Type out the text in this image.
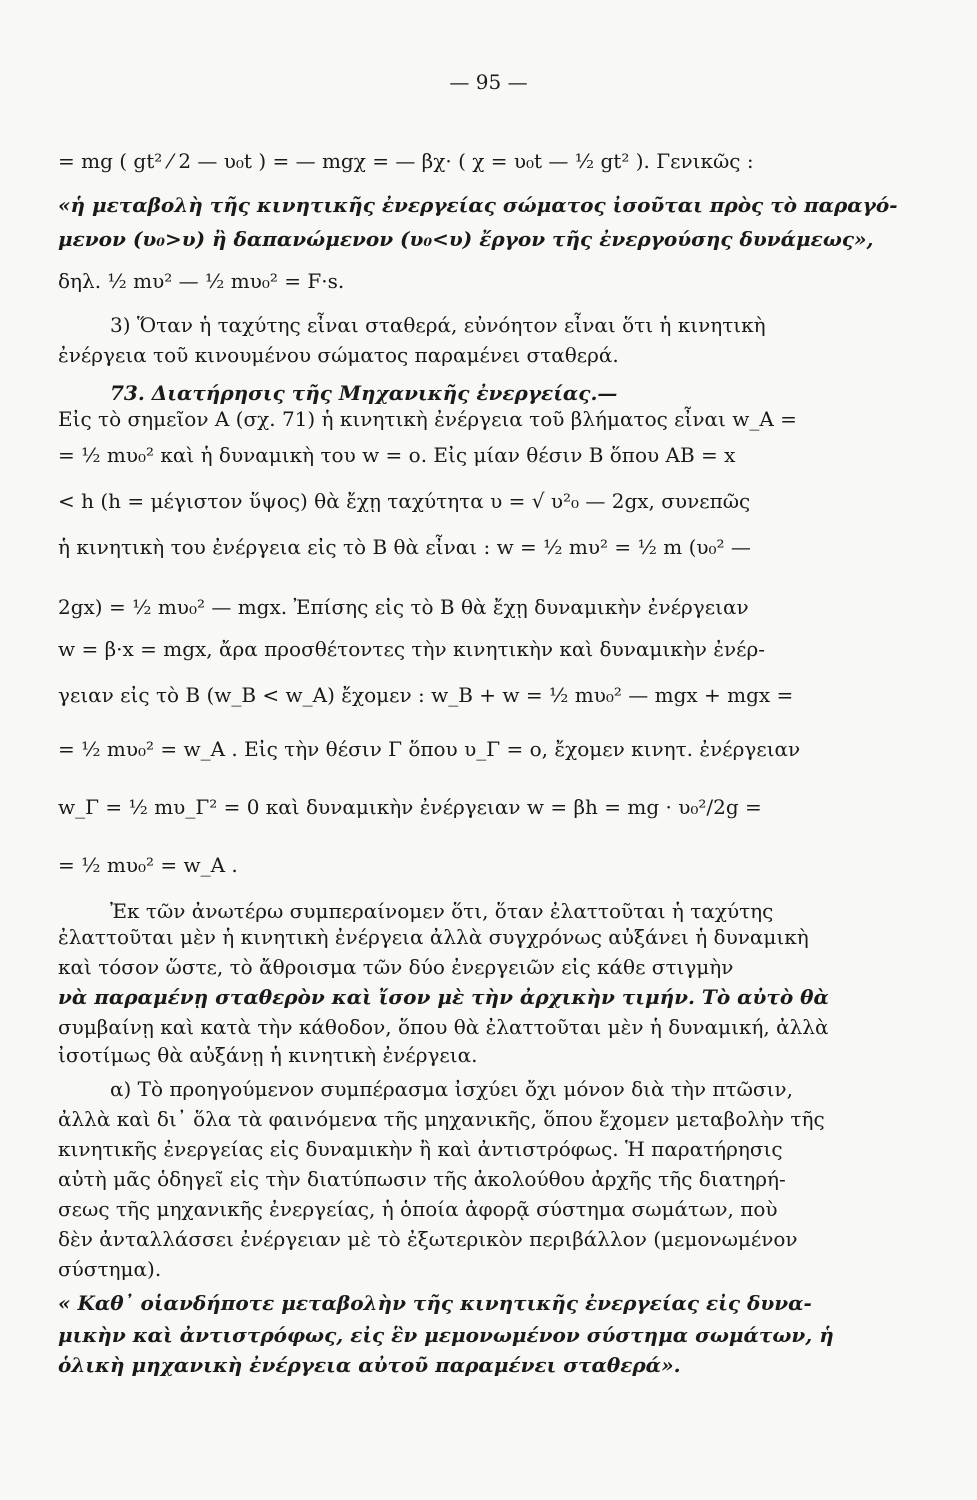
— 95 —
= mg ( gt² ⁄ 2 — υ₀t ) = — mgχ = — βχ· ( χ = υ₀t — ½ gt² ). Γενικῶς :
«ἡ μεταβολὴ τῆς κινητικῆς ἐνεργείας σώματος ἰσοῦται πρὸς τὸ παραγό-
μενον (υ₀>υ) ἢ δαπανώμενον (υ₀<υ) ἔργον τῆς ἐνεργούσης δυνάμεως»,
δηλ. ½ mυ² — ½ mυ₀² = F·s.
3) Ὅταν ἡ ταχύτης εἶναι σταθερά, εὐνόητον εἶναι ὅτι ἡ κινητικὴ
ἐνέργεια τοῦ κινουμένου σώματος παραμένει σταθερά.
73. Διατήρησις τῆς Μηχανικῆς ἐνεργείας.—
Εἰς τὸ σημεῖον Α (σχ. 71) ἡ κινητικὴ ἐνέργεια τοῦ βλήματος εἶναι w_A =
= ½ mυ₀² καὶ ἡ δυναμικὴ του w = ο. Εἰς μίαν θέσιν Β ὅπου ΑΒ = x
< h (h = μέγιστον ὕψος) θὰ ἔχῃ ταχύτητα υ = √ υ²₀ — 2gx, συνεπῶς
ἡ κινητικὴ του ἐνέργεια εἰς τὸ Β θὰ εἶναι : w = ½ mυ² = ½ m (υ₀² —
2gx) = ½ mυ₀² — mgx. Ἐπίσης εἰς τὸ Β θὰ ἔχῃ δυναμικὴν ἐνέργειαν
w = β·x = mgx, ἄρα προσθέτοντες τὴν κινητικὴν καὶ δυναμικὴν ἐνέρ-
γειαν εἰς τὸ Β (w_B < w_A) ἔχομεν : w_B + w = ½ mυ₀² — mgx + mgx =
= ½ mυ₀² = w_A . Εἰς τὴν θέσιν Γ ὅπου υ_Γ = ο, ἔχομεν κινητ. ἐνέργειαν
w_Γ = ½ mυ_Γ² = 0 καὶ δυναμικὴν ἐνέργειαν w = βh = mg · υ₀²/2g =
= ½ mυ₀² = w_A .
Ἐκ τῶν ἀνωτέρω συμπεραίνομεν ὅτι, ὅταν ἐλαττοῦται ἡ ταχύτης
ἐλαττοῦται μὲν ἡ κινητικὴ ἐνέργεια ἀλλὰ συγχρόνως αὐξάνει ἡ δυναμικὴ
καὶ τόσον ὥστε, τὸ ἄθροισμα τῶν δύο ἐνεργειῶν εἰς κάθε στιγμὴν
νὰ παραμένῃ σταθερὸν καὶ ἴσον μὲ τὴν ἀρχικὴν τιμήν. Τὸ αὐτὸ θὰ
συμβαίνῃ καὶ κατὰ τὴν κάθοδον, ὅπου θὰ ἐλαττοῦται μὲν ἡ δυναμική, ἀλλὰ
ἰσοτίμως θὰ αὐξάνῃ ἡ κινητικὴ ἐνέργεια.
α) Τὸ προηγούμενον συμπέρασμα ἰσχύει ὄχι μόνον διὰ τὴν πτῶσιν,
ἀλλὰ καὶ δι᾽ ὅλα τὰ φαινόμενα τῆς μηχανικῆς, ὅπου ἔχομεν μεταβολὴν τῆς
κινητικῆς ἐνεργείας εἰς δυναμικὴν ἢ καὶ ἀντιστρόφως. Ἡ παρατήρησις
αὐτὴ μᾶς ὁδηγεῖ εἰς τὴν διατύπωσιν τῆς ἀκολούθου ἀρχῆς τῆς διατηρή-
σεως τῆς μηχανικῆς ἐνεργείας, ἡ ὁποία ἀφορᾷ σύστημα σωμάτων, ποὺ
δὲν ἀνταλλάσσει ἐνέργειαν μὲ τὸ ἐξωτερικὸν περιβάλλον (μεμονωμένον
σύστημα).
« Καθ᾽ οἱανδήποτε μεταβολὴν τῆς κινητικῆς ἐνεργείας εἰς δυνα-
μικὴν καὶ ἀντιστρόφως, εἰς ἓν μεμονωμένον σύστημα σωμάτων, ἡ
ὁλικὴ μηχανικὴ ἐνέργεια αὐτοῦ παραμένει σταθερά».
